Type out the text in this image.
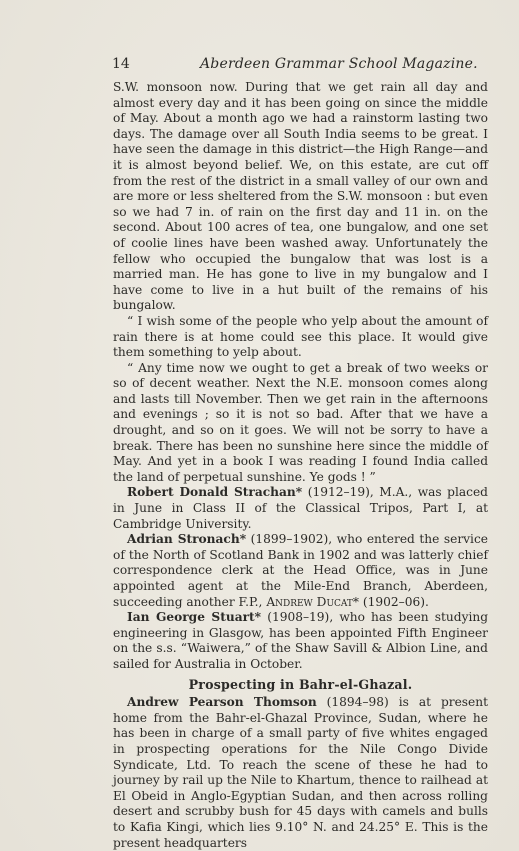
14	Aberdeen Grammar School Magazine.

S.W. monsoon now. During that we get rain all day and almost every day and it has been going on since the middle of May. About a month ago we had a rainstorm lasting two days. The damage over all South India seems to be great. I have seen the damage in this district—the High Range—and it is almost beyond belief. We, on this estate, are cut off from the rest of the district in a small valley of our own and are more or less sheltered from the S.W. monsoon : but even so we had 7 in. of rain on the first day and 11 in. on the second. About 100 acres of tea, one bungalow, and one set of coolie lines have been washed away. Unfortunately the fellow who occupied the bungalow that was lost is a married man. He has gone to live in my bungalow and I have come to live in a hut built of the remains of his bungalow.

“ I wish some of the people who yelp about the amount of rain there is at home could see this place. It would give them something to yelp about.

“ Any time now we ought to get a break of two weeks or so of decent weather. Next the N.E. monsoon comes along and lasts till November. Then we get rain in the afternoons and evenings ; so it is not so bad. After that we have a drought, and so on it goes. We will not be sorry to have a break. There has been no sunshine here since the middle of May. And yet in a book I was reading I found India called the land of perpetual sunshine. Ye gods ! ”

Robert Donald Strachan* (1912–19), M.A., was placed in June in Class II of the Classical Tripos, Part I, at Cambridge University.

Adrian Stronach* (1899–1902), who entered the service of the North of Scotland Bank in 1902 and was latterly chief correspondence clerk at the Head Office, was in June appointed agent at the Mile-End Branch, Aberdeen, succeeding another F.P., Andrew Ducat* (1902–06).

Ian George Stuart* (1908–19), who has been studying engineering in Glasgow, has been appointed Fifth Engineer on the s.s. “Waiwera,” of the Shaw Savill & Albion Line, and sailed for Australia in October.

Prospecting in Bahr-el-Ghazal.

Andrew Pearson Thomson (1894–98) is at present home from the Bahr-el-Ghazal Province, Sudan, where he has been in charge of a small party of five whites engaged in prospecting operations for the Nile Congo Divide Syndicate, Ltd. To reach the scene of these he had to journey by rail up the Nile to Khartum, thence to railhead at El Obeid in Anglo-Egyptian Sudan, and then across rolling desert and scrubby bush for 45 days with camels and bulls to Kafia Kingi, which lies 9.10° N. and 24.25° E. This is the present headquarters
